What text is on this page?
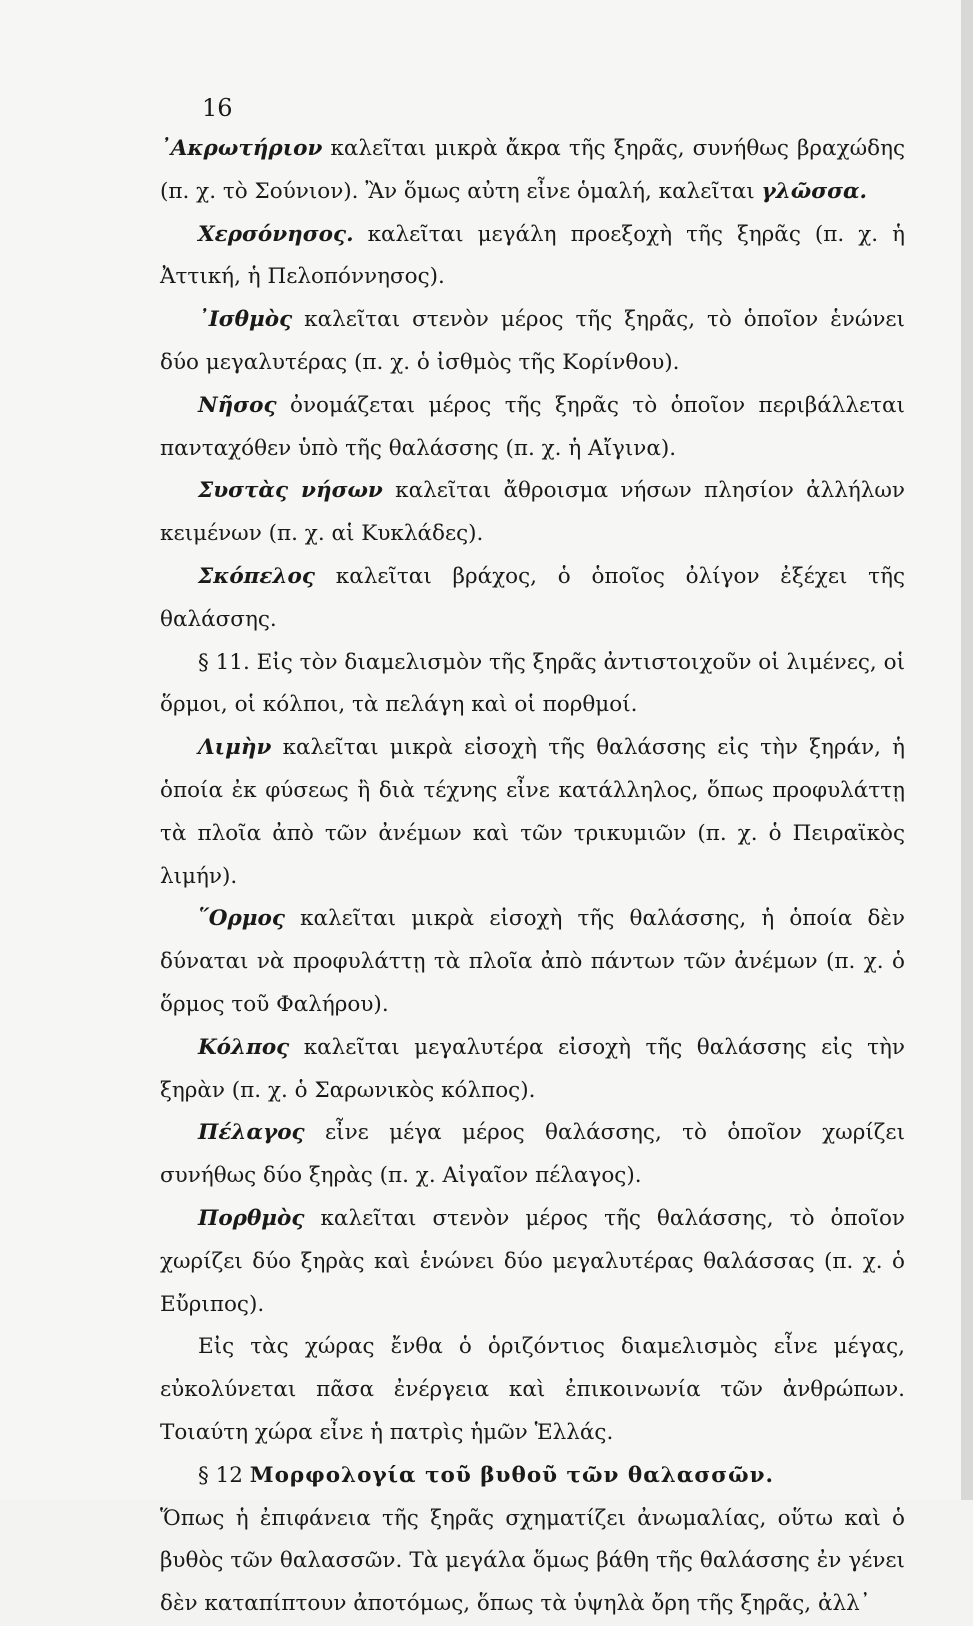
16

᾿Ακρωτήριον καλεῖται μικρὰ ἄκρα τῆς ξηρᾶς, συνήθως βραχώδης (π. χ. τὸ Σούνιον). Ἂν ὅμως αὐτη εἶνε ὁμαλή, καλεῖται γλῶσσα.

Χερσόνησος. καλεῖται μεγάλη προεξοχὴ τῆς ξηρᾶς (π. χ. ἡ Ἀττική, ἡ Πελοπόννησος).

᾿Ισθμὸς καλεῖται στενὸν μέρος τῆς ξηρᾶς, τὸ ὁποῖον ἑνώνει δύο μεγαλυτέρας (π. χ. ὁ ἰσθμὸς τῆς Κορίνθου).

Νῆσος ὀνομάζεται μέρος τῆς ξηρᾶς τὸ ὁποῖον περιβάλλεται πανταχόθεν ὑπὸ τῆς θαλάσσης (π. χ. ἡ Αἴγινα).

Συστὰς νήσων καλεῖται ἄθροισμα νήσων πλησίον ἀλλήλων κειμένων (π. χ. αἱ Κυκλάδες).

Σκόπελος καλεῖται βράχος, ὁ ὁποῖος ὀλίγον ἐξέχει τῆς θαλάσσης.

§ 11. Εἰς τὸν διαμελισμὸν τῆς ξηρᾶς ἀντιστοιχοῦν οἱ λιμένες, οἱ ὅρμοι, οἱ κόλποι, τὰ πελάγη καὶ οἱ πορθμοί.

Λιμὴν καλεῖται μικρὰ εἰσοχὴ τῆς θαλάσσης εἰς τὴν ξηράν, ἡ ὁποία ἐκ φύσεως ἢ διὰ τέχνης εἶνε κατάλληλος, ὅπως προφυλάττῃ τὰ πλοῖα ἀπὸ τῶν ἀνέμων καὶ τῶν τρικυμιῶν (π. χ. ὁ Πειραϊκὸς λιμήν).

῞Ορμος καλεῖται μικρὰ εἰσοχὴ τῆς θαλάσσης, ἡ ὁποία δὲν δύναται νὰ προφυλάττῃ τὰ πλοῖα ἀπὸ πάντων τῶν ἀνέμων (π. χ. ὁ ὅρμος τοῦ Φαλήρου).

Κόλπος καλεῖται μεγαλυτέρα εἰσοχὴ τῆς θαλάσσης εἰς τὴν ξηρὰν (π. χ. ὁ Σαρωνικὸς κόλπος).

Πέλαγος εἶνε μέγα μέρος θαλάσσης, τὸ ὁποῖον χωρίζει συνήθως δύο ξηρὰς (π. χ. Αἰγαῖον πέλαγος).

Πορθμὸς καλεῖται στενὸν μέρος τῆς θαλάσσης, τὸ ὁποῖον χωρίζει δύο ξηρὰς καὶ ἑνώνει δύο μεγαλυτέρας θαλάσσας (π. χ. ὁ Εὔριπος).

Εἰς τὰς χώρας ἔνθα ὁ ὁριζόντιος διαμελισμὸς εἶνε μέγας, εὐκολύνεται πᾶσα ἐνέργεια καὶ ἐπικοινωνία τῶν ἀνθρώπων. Τοιαύτη χώρα εἶνε ἡ πατρὶς ἡμῶν Ἑλλάς.

§ 12 Μορφολογία τοῦ βυθοῦ τῶν θαλασσῶν.

Ὅπως ἡ ἐπιφάνεια τῆς ξηρᾶς σχηματίζει ἀνωμαλίας, οὕτω καὶ ὁ βυθὸς τῶν θαλασσῶν. Τὰ μεγάλα ὅμως βάθη τῆς θαλάσσης ἐν γένει δὲν καταπίπτουν ἀποτόμως, ὅπως τὰ ὑψηλὰ ὄρη τῆς ξηρᾶς, ἀλλ᾿
